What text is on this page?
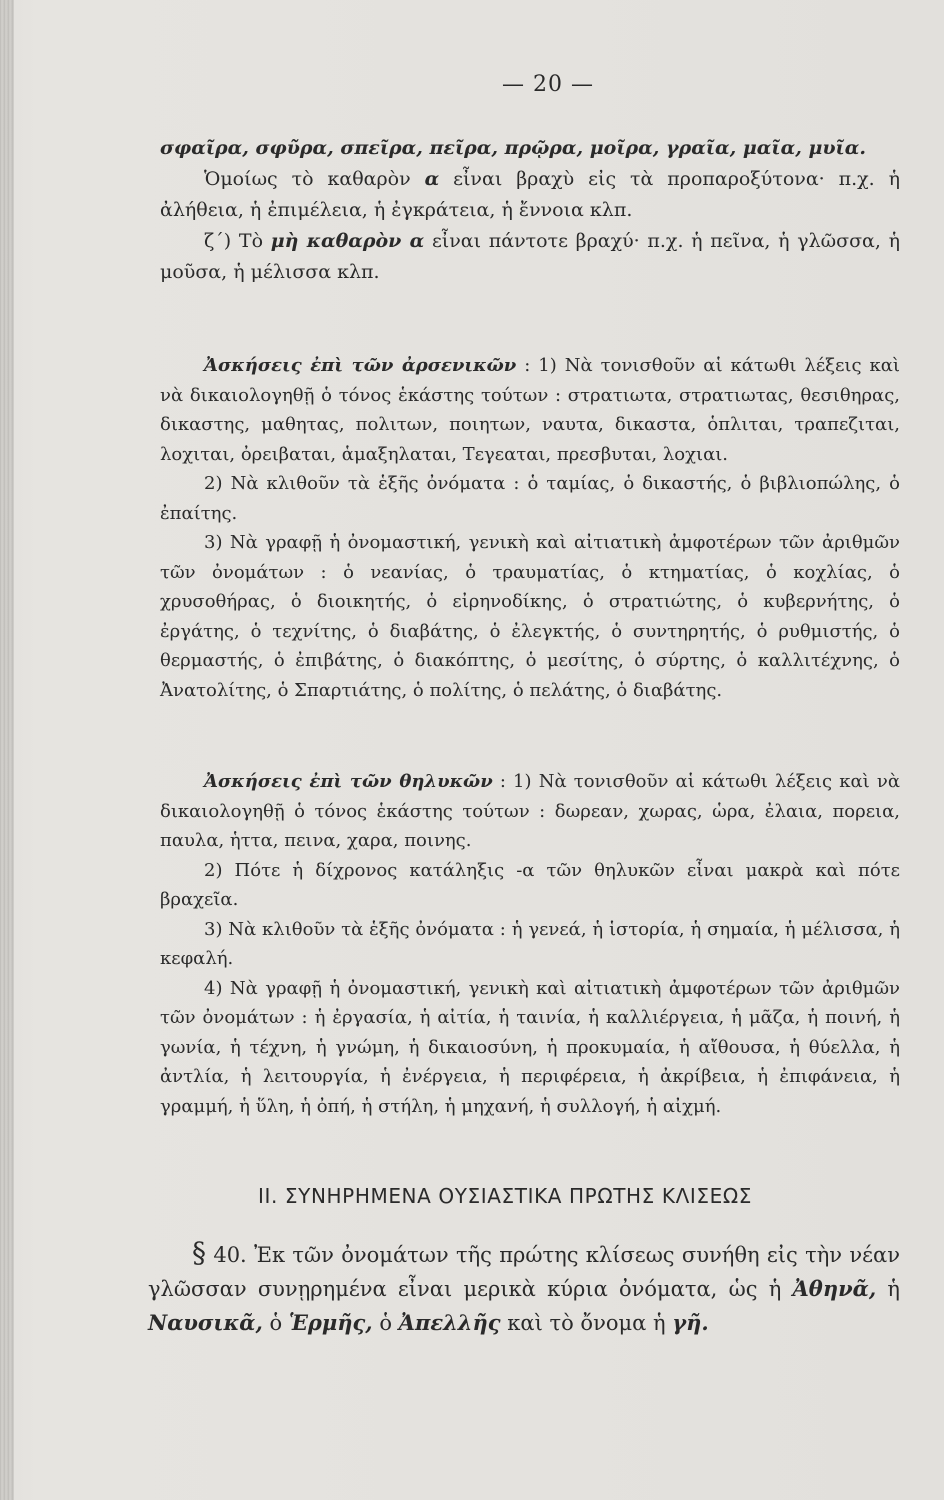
— 20 —

σφαῖρα, σφῦρα, σπεῖρα, πεῖρα, πρῷρα, μοῖρα, γραῖα, μαῖα, μυῖα.

Ὁμοίως τὸ καθαρὸν α εἶναι βραχὺ εἰς τὰ προπαροξύτονα· π.χ. ἡ ἀλήθεια, ἡ ἐπιμέλεια, ἡ ἐγκράτεια, ἡ ἔννοια κλπ.

ζ´) Τὸ μὴ καθαρὸν α εἶναι πάντοτε βραχύ· π.χ. ἡ πεῖνα, ἡ γλῶσσα, ἡ μοῦσα, ἡ μέλισσα κλπ.

Ἀσκήσεις ἐπὶ τῶν ἀρσενικῶν : 1) Νὰ τονισθοῦν αἱ κάτωθι λέξεις καὶ νὰ δικαιολογηθῇ ὁ τόνος ἑκάστης τούτων : στρατιωτα, στρατιωτας, θεσιθηρας, δικαστης, μαθητας, πολιτων, ποιητων, ναυτα, δικαστα, ὁπλιται, τραπεζιται, λοχιται, ὀρειβαται, ἁμαξηλαται, Τεγεαται, πρεσβυται, λοχιαι.

2) Νὰ κλιθοῦν τὰ ἑξῆς ὀνόματα : ὁ ταμίας, ὁ δικαστής, ὁ βιβλιοπώλης, ὁ ἐπαίτης.

3) Νὰ γραφῇ ἡ ὀνομαστική, γενικὴ καὶ αἰτιατικὴ ἀμφοτέρων τῶν ἀριθμῶν τῶν ὀνομάτων : ὁ νεανίας, ὁ τραυματίας, ὁ κτηματίας, ὁ κοχλίας, ὁ χρυσοθήρας, ὁ διοικητής, ὁ εἰρηνοδίκης, ὁ στρατιώτης, ὁ κυβερνήτης, ὁ ἐργάτης, ὁ τεχνίτης, ὁ διαβάτης, ὁ ἐλεγκτής, ὁ συντηρητής, ὁ ρυθμιστής, ὁ θερμαστής, ὁ ἐπιβάτης, ὁ διακόπτης, ὁ μεσίτης, ὁ σύρτης, ὁ καλλιτέχνης, ὁ Ἀνατολίτης, ὁ Σπαρτιάτης, ὁ πολίτης, ὁ πελάτης, ὁ διαβάτης.

Ἀσκήσεις ἐπὶ τῶν θηλυκῶν : 1) Νὰ τονισθοῦν αἱ κάτωθι λέξεις καὶ νὰ δικαιολογηθῇ ὁ τόνος ἑκάστης τούτων : δωρεαν, χωρας, ὡρα, ἐλαια, πορεια, παυλα, ἡττα, πεινα, χαρα, ποινης.

2) Πότε ἡ δίχρονος κατάληξις -α τῶν θηλυκῶν εἶναι μακρὰ καὶ πότε βραχεῖα.

3) Νὰ κλιθοῦν τὰ ἑξῆς ὀνόματα : ἡ γενεά, ἡ ἱστορία, ἡ σημαία, ἡ μέλισσα, ἡ κεφαλή.

4) Νὰ γραφῇ ἡ ὀνομαστική, γενικὴ καὶ αἰτιατικὴ ἀμφοτέρων τῶν ἀριθμῶν τῶν ὀνομάτων : ἡ ἐργασία, ἡ αἰτία, ἡ ταινία, ἡ καλλιέργεια, ἡ μᾶζα, ἡ ποινή, ἡ γωνία, ἡ τέχνη, ἡ γνώμη, ἡ δικαιοσύνη, ἡ προκυμαία, ἡ αἴθουσα, ἡ θύελλα, ἡ ἀντλία, ἡ λειτουργία, ἡ ἐνέργεια, ἡ περιφέρεια, ἡ ἀκρίβεια, ἡ ἐπιφάνεια, ἡ γραμμή, ἡ ὕλη, ἡ ὀπή, ἡ στήλη, ἡ μηχανή, ἡ συλλογή, ἡ αἰχμή.

ΙΙ. ΣΥΝΗΡΗΜΕΝΑ ΟΥΣΙΑΣΤΙΚΑ ΠΡΩΤΗΣ ΚΛΙΣΕΩΣ

§ 40. Ἐκ τῶν ὀνομάτων τῆς πρώτης κλίσεως συνήθη εἰς τὴν νέαν γλῶσσαν συνῃρημένα εἶναι μερικὰ κύρια ὀνόματα, ὡς ἡ Ἀθηνᾶ, ἡ Ναυσικᾶ, ὁ Ἑρμῆς, ὁ Ἀπελλῆς καὶ τὸ ὄνομα ἡ γῆ.
